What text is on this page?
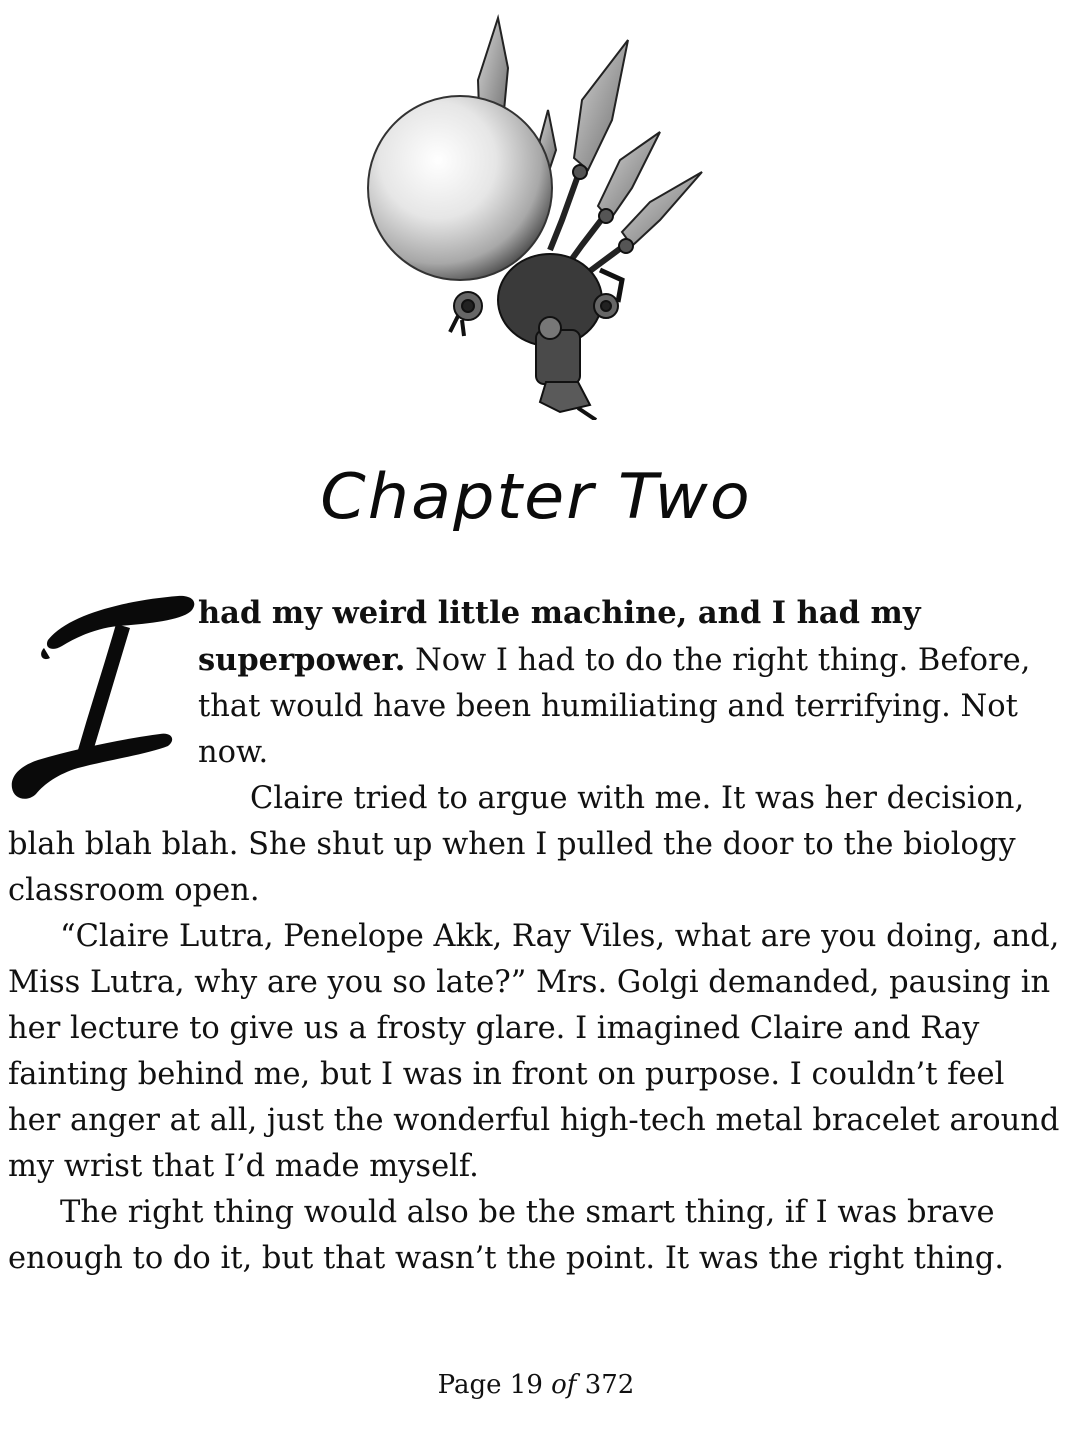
Chapter Two

had my weird little machine, and I had my superpower. Now I had to do the right thing. Before, that would have been humiliating and terrifying. Not now.

Claire tried to argue with me. It was her decision, blah blah blah. She shut up when I pulled the door to the biology classroom open.

“Claire Lutra, Penelope Akk, Ray Viles, what are you doing, and, Miss Lutra, why are you so late?” Mrs. Golgi demanded, pausing in her lecture to give us a frosty glare. I imagined Claire and Ray fainting behind me, but I was in front on purpose. I couldn’t feel her anger at all, just the wonderful high-tech metal bracelet around my wrist that I’d made myself.

The right thing would also be the smart thing, if I was brave enough to do it, but that wasn’t the point. It was the right thing.

Page 19 of 372
